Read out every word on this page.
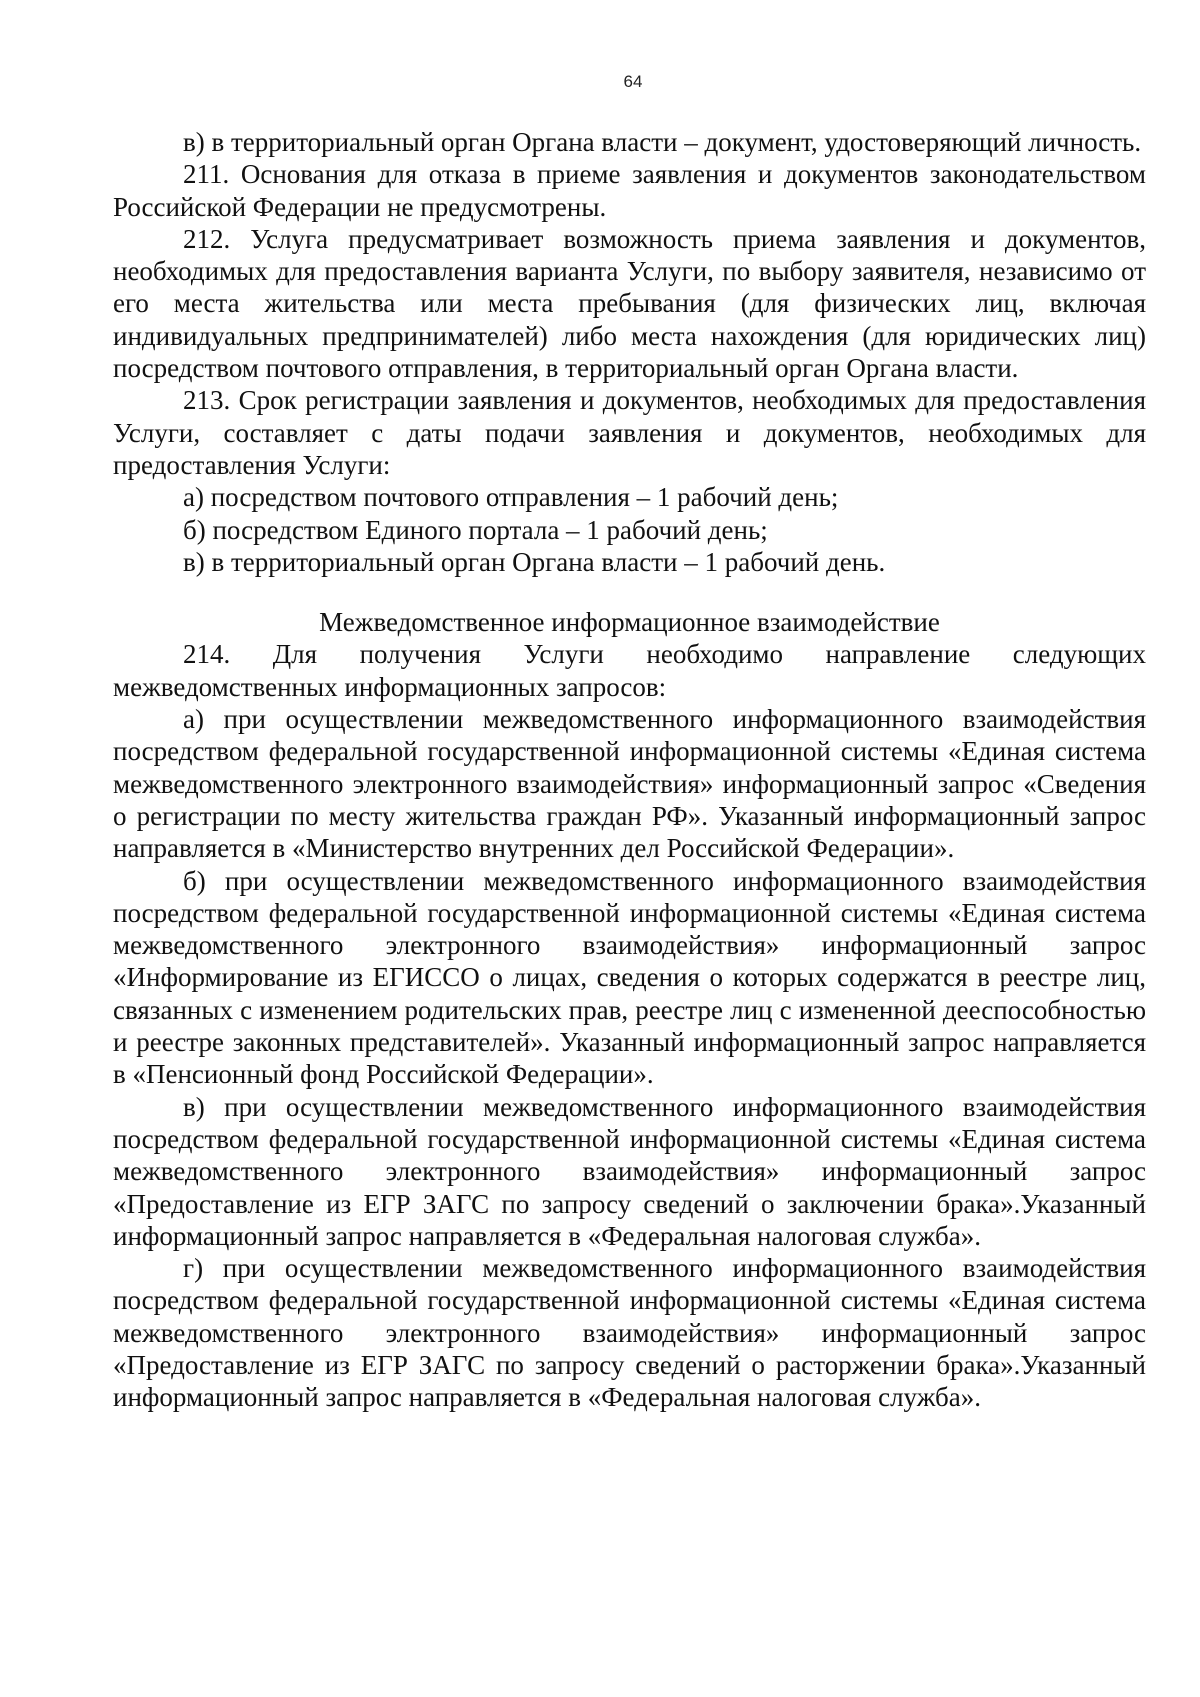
64

в) в территориальный орган Органа власти – документ, удостоверяющий личность.

211. Основания для отказа в приеме заявления и документов законодательством Российской Федерации не предусмотрены.

212. Услуга предусматривает возможность приема заявления и документов, необходимых для предоставления варианта Услуги, по выбору заявителя, независимо от его места жительства или места пребывания (для физических лиц, включая индивидуальных предпринимателей) либо места нахождения (для юридических лиц) посредством почтового отправления, в территориальный орган Органа власти.

213. Срок регистрации заявления и документов, необходимых для предоставления Услуги, составляет с даты подачи заявления и документов, необходимых для предоставления Услуги:

а) посредством почтового отправления – 1 рабочий день;

б) посредством Единого портала – 1 рабочий день;

в) в территориальный орган Органа власти – 1 рабочий день.

Межведомственное информационное взаимодействие

214. Для получения Услуги необходимо направление следующих межведомственных информационных запросов:

а) при осуществлении межведомственного информационного взаимодействия посредством федеральной государственной информационной системы «Единая система межведомственного электронного взаимодействия» информационный запрос «Сведения о регистрации по месту жительства граждан РФ». Указанный информационный запрос направляется в «Министерство внутренних дел Российской Федерации».

б) при осуществлении межведомственного информационного взаимодействия посредством федеральной государственной информационной системы «Единая система межведомственного электронного взаимодействия» информационный запрос «Информирование из ЕГИССО о лицах, сведения о которых содержатся в реестре лиц, связанных с изменением родительских прав, реестре лиц с измененной дееспособностью и реестре законных представителей». Указанный информационный запрос направляется в «Пенсионный фонд Российской Федерации».

в) при осуществлении межведомственного информационного взаимодействия посредством федеральной государственной информационной системы «Единая система межведомственного электронного взаимодействия» информационный запрос «Предоставление из ЕГР ЗАГС по запросу сведений о заключении брака».Указанный информационный запрос направляется в «Федеральная налоговая служба».

г) при осуществлении межведомственного информационного взаимодействия посредством федеральной государственной информационной системы «Единая система межведомственного электронного взаимодействия» информационный запрос «Предоставление из ЕГР ЗАГС по запросу сведений о расторжении брака».Указанный информационный запрос направляется в «Федеральная налоговая служба».
